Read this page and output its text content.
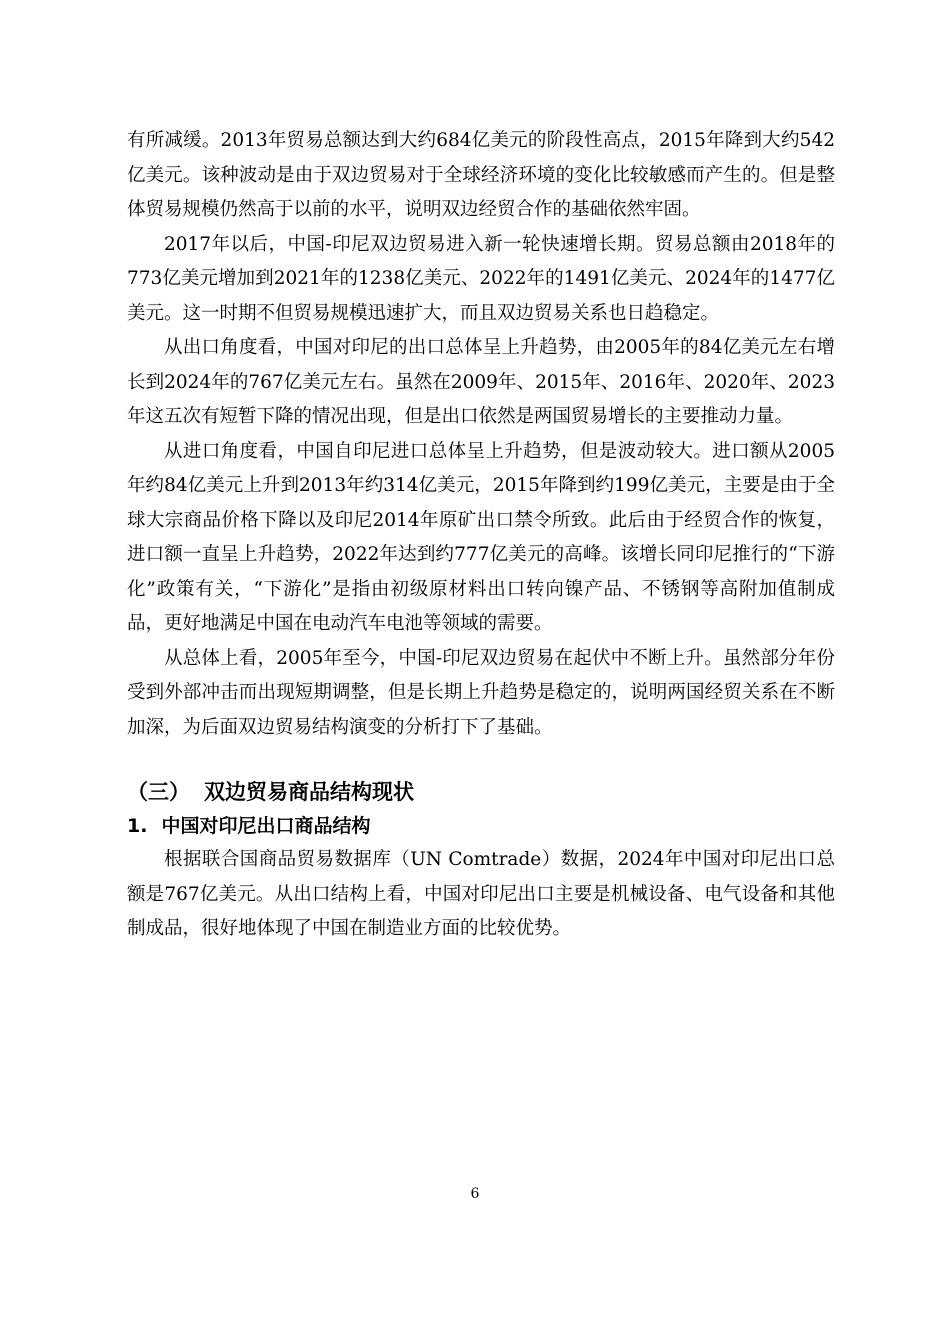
有所减缓。2013年贸易总额达到大约684亿美元的阶段性高点，2015年降到大约542亿美元。该种波动是由于双边贸易对于全球经济环境的变化比较敏感而产生的。但是整体贸易规模仍然高于以前的水平，说明双边经贸合作的基础依然牢固。

2017年以后，中国-印尼双边贸易进入新一轮快速增长期。贸易总额由2018年的773亿美元增加到2021年的1238亿美元、2022年的1491亿美元、2024年的1477亿美元。这一时期不但贸易规模迅速扩大，而且双边贸易关系也日趋稳定。

从出口角度看，中国对印尼的出口总体呈上升趋势，由2005年的84亿美元左右增长到2024年的767亿美元左右。虽然在2009年、2015年、2016年、2020年、2023年这五次有短暂下降的情况出现，但是出口依然是两国贸易增长的主要推动力量。

从进口角度看，中国自印尼进口总体呈上升趋势，但是波动较大。进口额从2005年约84亿美元上升到2013年约314亿美元，2015年降到约199亿美元，主要是由于全球大宗商品价格下降以及印尼2014年原矿出口禁令所致。此后由于经贸合作的恢复，进口额一直呈上升趋势，2022年达到约777亿美元的高峰。该增长同印尼推行的“下游化”政策有关，“下游化”是指由初级原材料出口转向镍产品、不锈钢等高附加值制成品，更好地满足中国在电动汽车电池等领域的需要。

从总体上看，2005年至今，中国-印尼双边贸易在起伏中不断上升。虽然部分年份受到外部冲击而出现短期调整，但是长期上升趋势是稳定的，说明两国经贸关系在不断加深，为后面双边贸易结构演变的分析打下了基础。

（三） 双边贸易商品结构现状
1. 中国对印尼出口商品结构

根据联合国商品贸易数据库（UN Comtrade）数据，2024年中国对印尼出口总额是767亿美元。从出口结构上看，中国对印尼出口主要是机械设备、电气设备和其他制成品，很好地体现了中国在制造业方面的比较优势。

6
